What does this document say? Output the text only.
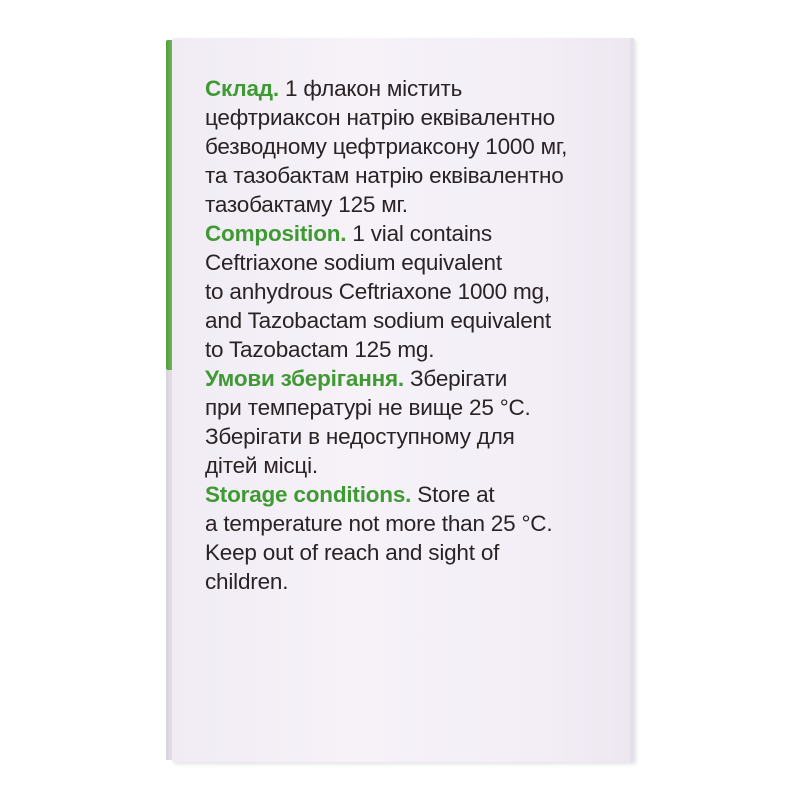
Склад. 1 флакон містить
цефтриаксон натрію еквівалентно
безводному цефтриаксону 1000 мг,
та тазобактам натрію еквівалентно
тазобактаму 125 мг.
Composition. 1 vial contains
Ceftriaxone sodium equivalent
to anhydrous Ceftriaxone 1000 mg,
and Tazobactam sodium equivalent
to Tazobactam 125 mg.
Умови зберігання. Зберігати
при температурі не вище 25 °C.
Зберігати в недоступному для
дітей місці.
Storage conditions. Store at
a temperature not more than 25 °C.
Keep out of reach and sight of
children.
